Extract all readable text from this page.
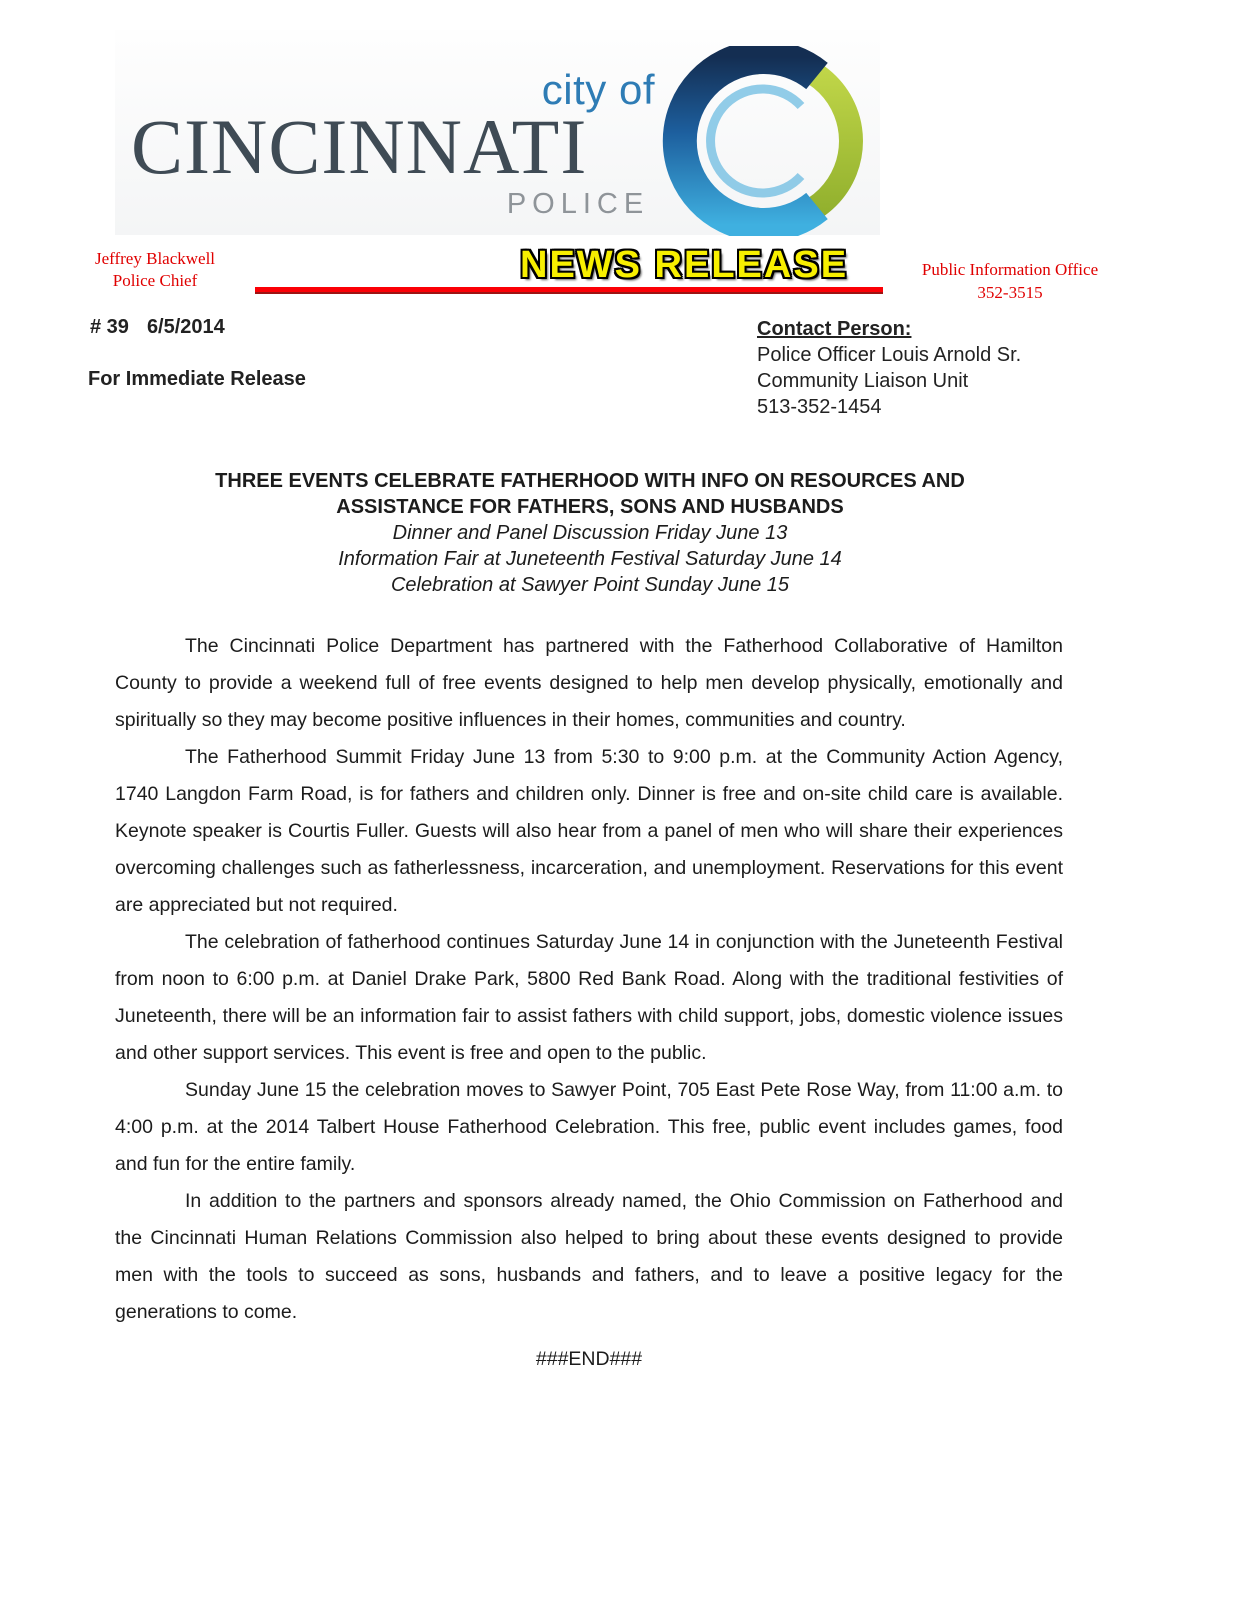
city of
CINCINNATI
POLICE
Jeffrey Blackwell
Police Chief	NEWS RELEASE	Public Information Office
352-3515
# 39 6/5/2014
For Immediate Release
Contact Person:
Police Officer Louis Arnold Sr.
Community Liaison Unit
513-352-1454
THREE EVENTS CELEBRATE FATHERHOOD WITH INFO ON RESOURCES AND
ASSISTANCE FOR FATHERS, SONS AND HUSBANDS
Dinner and Panel Discussion Friday June 13
Information Fair at Juneteenth Festival Saturday June 14
Celebration at Sawyer Point Sunday June 15

The Cincinnati Police Department has partnered with the Fatherhood Collaborative of Hamilton County to provide a weekend full of free events designed to help men develop physically, emotionally and spiritually so they may become positive influences in their homes, communities and country.

The Fatherhood Summit Friday June 13 from 5:30 to 9:00 p.m. at the Community Action Agency, 1740 Langdon Farm Road, is for fathers and children only. Dinner is free and on-site child care is available. Keynote speaker is Courtis Fuller. Guests will also hear from a panel of men who will share their experiences overcoming challenges such as fatherlessness, incarceration, and unemployment. Reservations for this event are appreciated but not required.

The celebration of fatherhood continues Saturday June 14 in conjunction with the Juneteenth Festival from noon to 6:00 p.m. at Daniel Drake Park, 5800 Red Bank Road. Along with the traditional festivities of Juneteenth, there will be an information fair to assist fathers with child support, jobs, domestic violence issues and other support services. This event is free and open to the public.

Sunday June 15 the celebration moves to Sawyer Point, 705 East Pete Rose Way, from 11:00 a.m. to 4:00 p.m. at the 2014 Talbert House Fatherhood Celebration. This free, public event includes games, food and fun for the entire family.

In addition to the partners and sponsors already named, the Ohio Commission on Fatherhood and the Cincinnati Human Relations Commission also helped to bring about these events designed to provide men with the tools to succeed as sons, husbands and fathers, and to leave a positive legacy for the generations to come.

###END###
